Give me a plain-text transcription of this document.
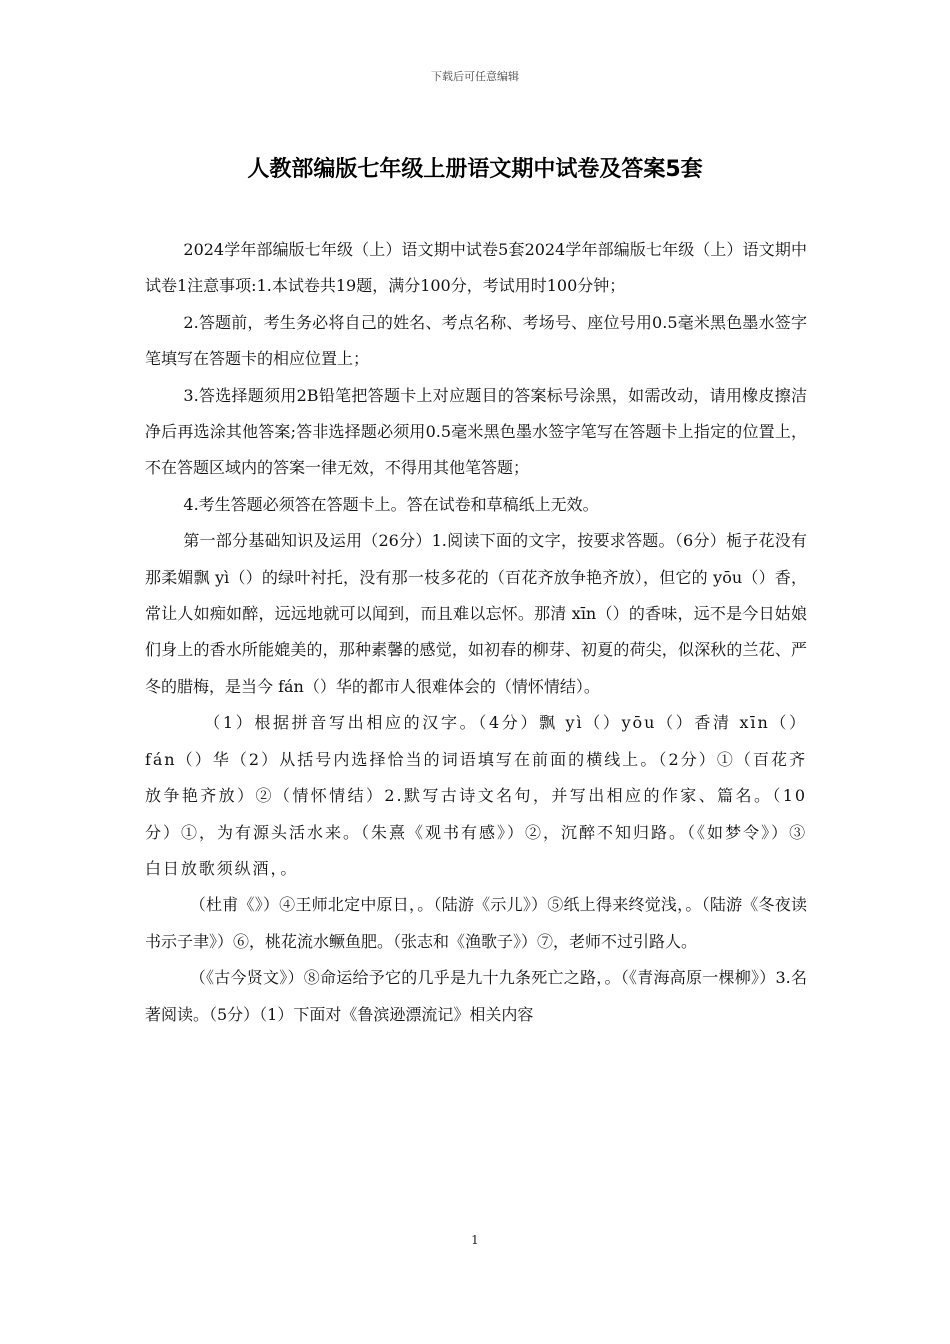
下载后可任意编辑
人教部编版七年级上册语文期中试卷及答案5套

2024学年部编版七年级（上）语文期中试卷5套2024学年部编版七年级（上）语文期中试卷1注意事项:1.本试卷共19题，满分100分，考试用时100分钟；

2.答题前，考生务必将自己的姓名、考点名称、考场号、座位号用0.5毫米黑色墨水签字笔填写在答题卡的相应位置上；

3.答选择题须用2B铅笔把答题卡上对应题目的答案标号涂黑，如需改动，请用橡皮擦洁净后再选涂其他答案;答非选择题必须用0.5毫米黑色墨水签字笔写在答题卡上指定的位置上，不在答题区域内的答案一律无效，不得用其他笔答题；

4.考生答题必须答在答题卡上。答在试卷和草稿纸上无效。

第一部分基础知识及运用（26分）1.阅读下面的文字，按要求答题。（6分）栀子花没有那柔媚飘 yì（）的绿叶衬托，没有那一枝多花的（百花齐放争艳齐放），但它的 yōu（）香，常让人如痴如醉，远远地就可以闻到，而且难以忘怀。那清 xīn（）的香味，远不是今日姑娘们身上的香水所能媲美的，那种素馨的感觉，如初春的柳芽、初夏的荷尖，似深秋的兰花、严冬的腊梅，是当今 fán（）华的都市人很难体会的（情怀情结）。

（1）根据拼音写出相应的汉字。（4分）飘 yì（）yōu（）香清 xīn（）fán（）华（2）从括号内选择恰当的词语填写在前面的横线上。（2分）①（百花齐放争艳齐放）②（情怀情结）2.默写古诗文名句，并写出相应的作家、篇名。（10分）①，为有源头活水来。（朱熹《观书有感》）②，沉醉不知归路。（《如梦令》）③白日放歌须纵酒，。

（杜甫《》）④王师北定中原日，。（陆游《示儿》）⑤纸上得来终觉浅，。（陆游《冬夜读书示子聿》）⑥，桃花流水鳜鱼肥。（张志和《渔歌子》）⑦，老师不过引路人。

（《古今贤文》）⑧命运给予它的几乎是九十九条死亡之路，。（《青海高原一棵柳》）3.名著阅读。（5分）（1）下面对《鲁滨逊漂流记》相关内容

1
